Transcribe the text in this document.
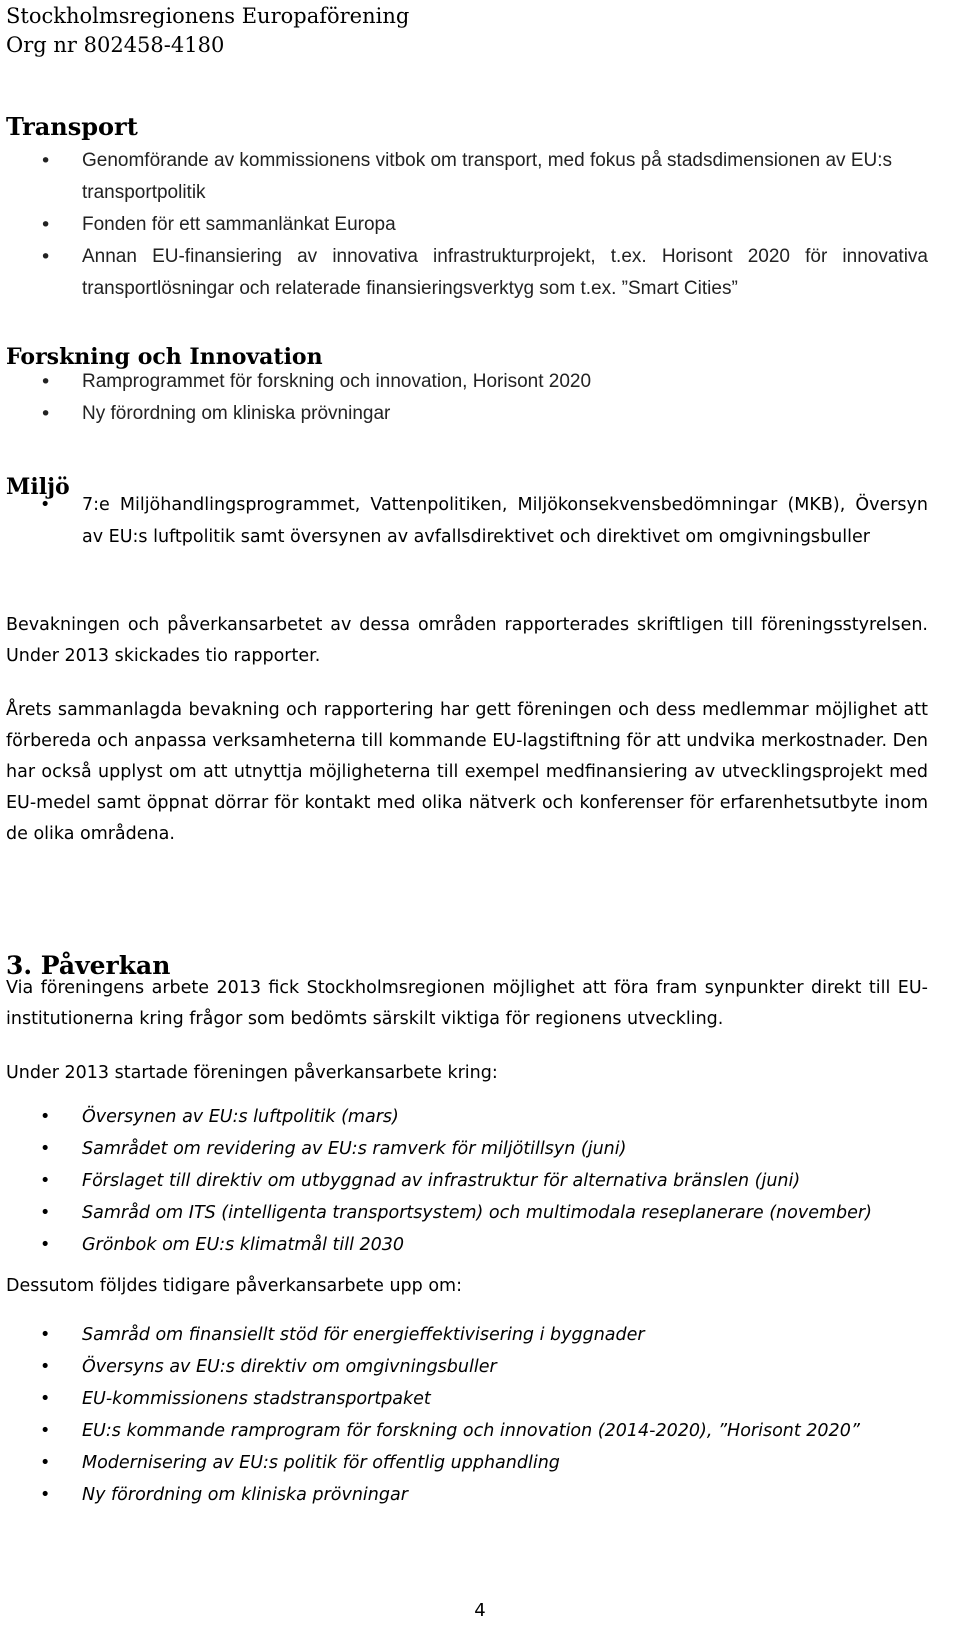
Stockholmsregionens Europaförening
Org nr 802458-4180
Transport
• Genomförande av kommissionens vitbok om transport, med fokus på stadsdimensionen av EU:s transportpolitik
• Fonden för ett sammanlänkat Europa
• Annan EU-finansiering av innovativa infrastrukturprojekt, t.ex. Horisont 2020 för innovativa transportlösningar och relaterade finansieringsverktyg som t.ex. ”Smart Cities”
Forskning och Innovation
• Ramprogrammet för forskning och innovation, Horisont 2020
• Ny förordning om kliniska prövningar
Miljö
• 7:e Miljöhandlingsprogrammet, Vattenpolitiken, Miljökonsekvensbedömningar (MKB), Översyn av EU:s luftpolitik samt översynen av avfallsdirektivet och direktivet om omgivningsbuller

Bevakningen och påverkansarbetet av dessa områden rapporterades skriftligen till föreningsstyrelsen. Under 2013 skickades tio rapporter.

Årets sammanlagda bevakning och rapportering har gett föreningen och dess medlemmar möjlighet att förbereda och anpassa verksamheterna till kommande EU-lagstiftning för att undvika merkostnader. Den har också upplyst om att utnyttja möjligheterna till exempel medfinansiering av utvecklingsprojekt med EU-medel samt öppnat dörrar för kontakt med olika nätverk och konferenser för erfarenhetsutbyte inom de olika områdena.

3. Påverkan

Via föreningens arbete 2013 fick Stockholmsregionen möjlighet att föra fram synpunkter direkt till EU-institutionerna kring frågor som bedömts särskilt viktiga för regionens utveckling.

Under 2013 startade föreningen påverkansarbete kring:

• Översynen av EU:s luftpolitik (mars)
• Samrådet om revidering av EU:s ramverk för miljötillsyn (juni)
• Förslaget till direktiv om utbyggnad av infrastruktur för alternativa bränslen (juni)
• Samråd om ITS (intelligenta transportsystem) och multimodala reseplanerare (november)
• Grönbok om EU:s klimatmål till 2030

Dessutom följdes tidigare påverkansarbete upp om:

• Samråd om finansiellt stöd för energieffektivisering i byggnader
• Översyns av EU:s direktiv om omgivningsbuller
• EU-kommissionens stadstransportpaket
• EU:s kommande ramprogram för forskning och innovation (2014-2020), ”Horisont 2020”
• Modernisering av EU:s politik för offentlig upphandling
• Ny förordning om kliniska prövningar
4
